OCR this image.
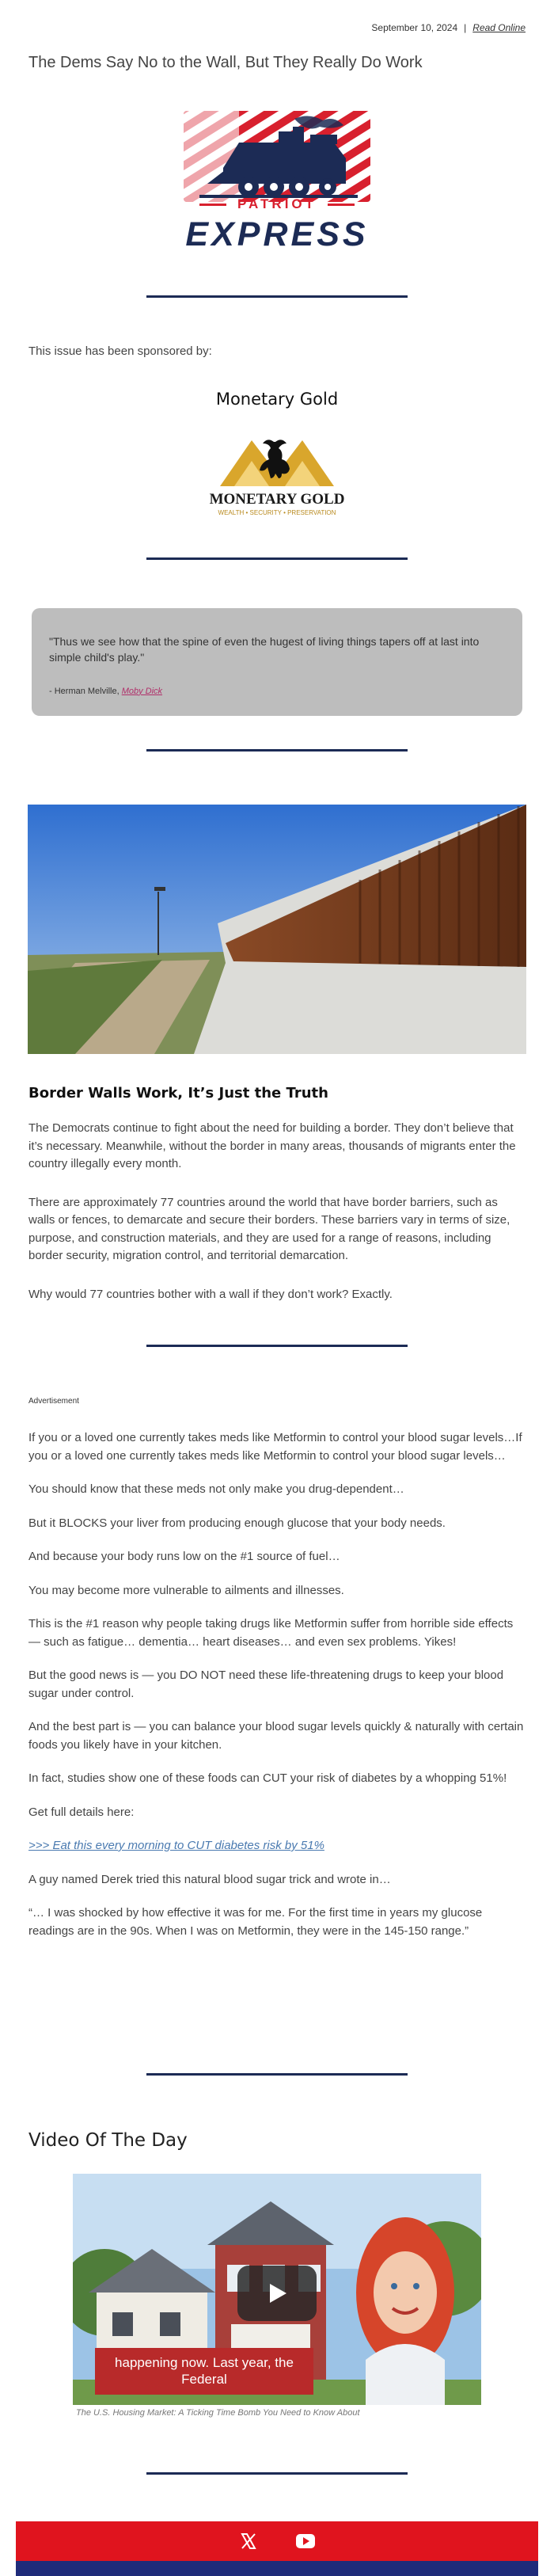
September 10, 2024 | Read Online
The Dems Say No to the Wall, But They Really Do Work
PATRIOT
EXPRESS
This issue has been sponsored by:
Monetary Gold
MONETARY GOLD
WEALTH • SECURITY • PRESERVATION
"Thus we see how that the spine of even the hugest of living things tapers off at last into simple child's play."
- Herman Melville, Moby Dick
Border Walls Work, It’s Just the Truth

The Democrats continue to fight about the need for building a border. They don’t believe that it’s necessary. Meanwhile, without the border in many areas, thousands of migrants enter the country illegally every month.

There are approximately 77 countries around the world that have border barriers, such as walls or fences, to demarcate and secure their borders. These barriers vary in terms of size, purpose, and construction materials, and they are used for a range of reasons, including border security, migration control, and territorial demarcation.

Why would 77 countries bother with a wall if they don’t work? Exactly.

Advertisement

If you or a loved one currently takes meds like Metformin to control your blood sugar levels…If you or a loved one currently takes meds like Metformin to control your blood sugar levels…

You should know that these meds not only make you drug-dependent…

But it BLOCKS your liver from producing enough glucose that your body needs.

And because your body runs low on the #1 source of fuel…

You may become more vulnerable to ailments and illnesses.

This is the #1 reason why people taking drugs like Metformin suffer from horrible side effects — such as fatigue… dementia… heart diseases… and even sex problems. Yikes!

But the good news is — you DO NOT need these life-threatening drugs to keep your blood sugar under control.

And the best part is — you can balance your blood sugar levels quickly & naturally with certain foods you likely have in your kitchen.

In fact, studies show one of these foods can CUT your risk of diabetes by a whopping 51%!

Get full details here:

>>> Eat this every morning to CUT diabetes risk by 51%

A guy named Derek tried this natural blood sugar trick and wrote in…

“… I was shocked by how effective it was for me. For the first time in years my glucose readings are in the 90s. When I was on Metformin, they were in the 145-150 range.”

Video Of The Day
happening now. Last year, the Federal
The U.S. Housing Market: A Ticking Time Bomb You Need to Know About
